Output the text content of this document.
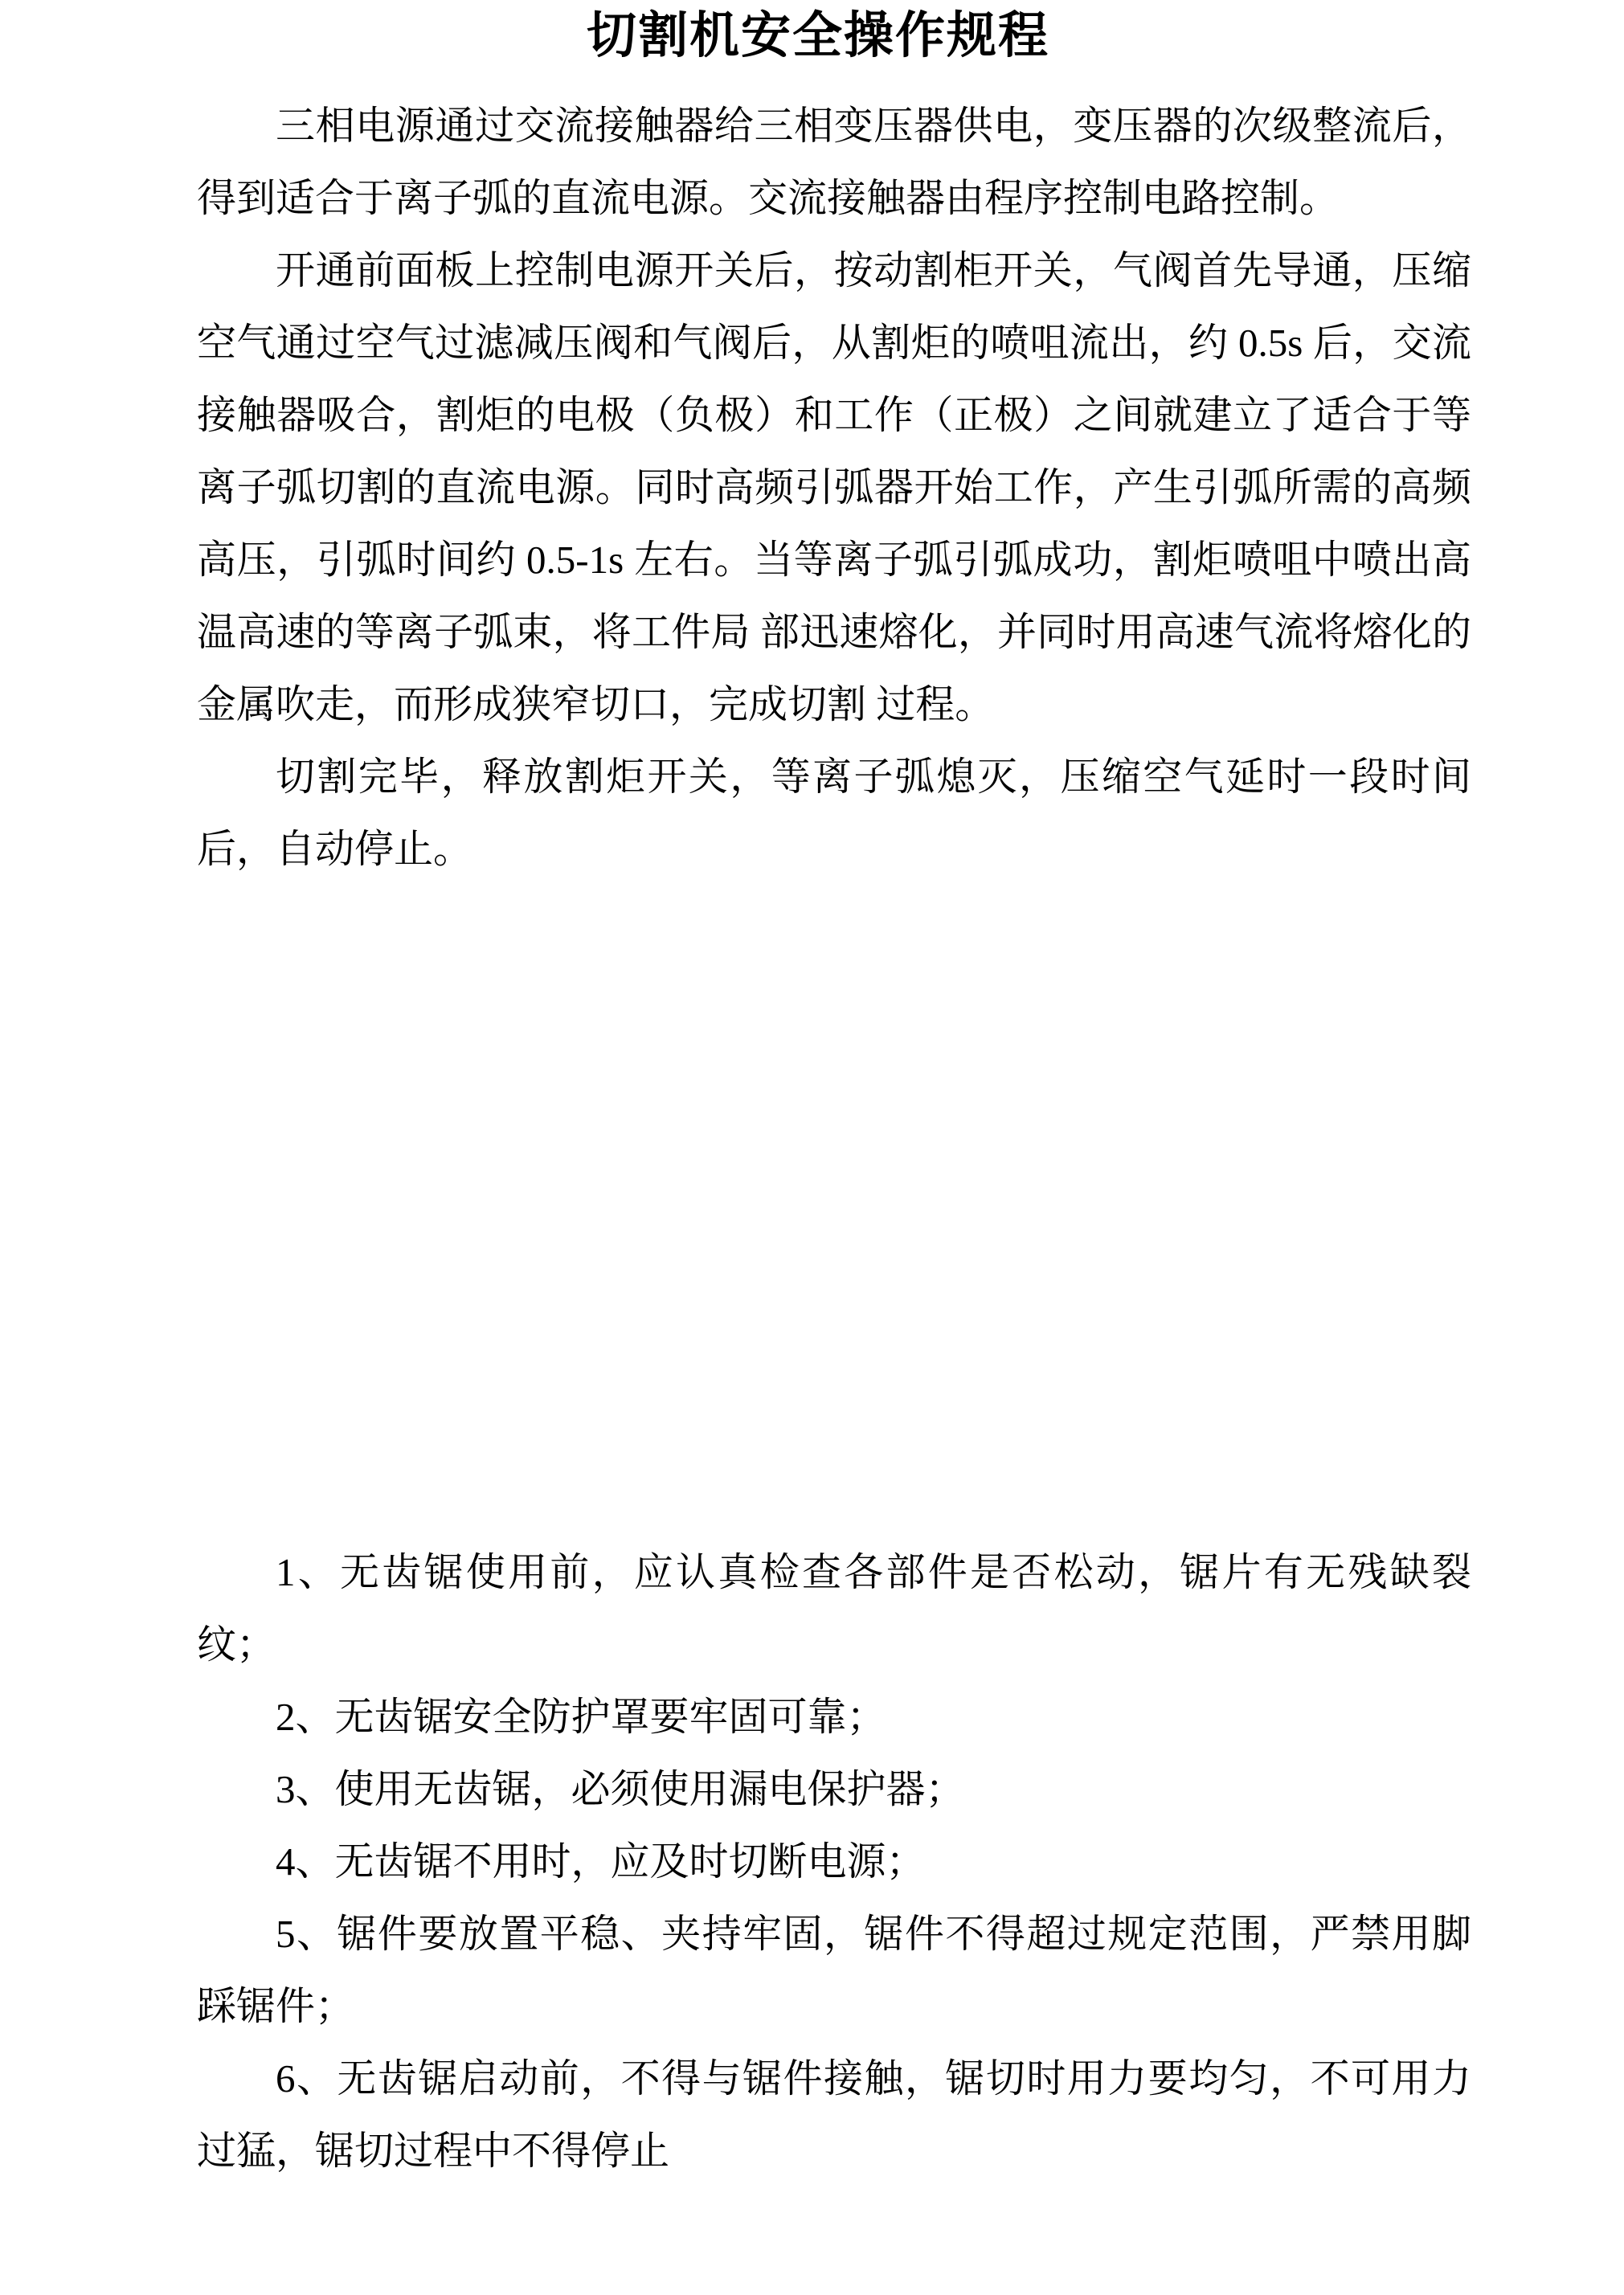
切割机安全操作规程

三相电源通过交流接触器给三相变压器供电，变压器的次级整流后，得到适合于离子弧的直流电源。交流接触器由程序控制电路控制。

开通前面板上控制电源开关后，按动割柜开关，气阀首先导通，压缩空气通过空气过滤减压阀和气阀后，从割炬的喷咀流出，约 0.5s 后，交流接触器吸合，割炬的电极（负极）和工作（正极）之间就建立了适合于等离子弧切割的直流电源。同时高频引弧器开始工作，产生引弧所需的高频高压，引弧时间约 0.5-1s 左右。当等离子弧引弧成功，割炬喷咀中喷出高温高速的等离子弧束，将工件局 部迅速熔化，并同时用高速气流将熔化的金属吹走，而形成狭窄切口，完成切割 过程。

切割完毕，释放割炬开关，等离子弧熄灭，压缩空气延时一段时间后，自动停止。

1、无齿锯使用前，应认真检查各部件是否松动，锯片有无残缺裂纹；

2、无齿锯安全防护罩要牢固可靠；

3、使用无齿锯，必须使用漏电保护器；

4、无齿锯不用时，应及时切断电源；

5、锯件要放置平稳、夹持牢固，锯件不得超过规定范围，严禁用脚踩锯件；

6、无齿锯启动前，不得与锯件接触，锯切时用力要均匀，不可用力过猛，锯切过程中不得停止
